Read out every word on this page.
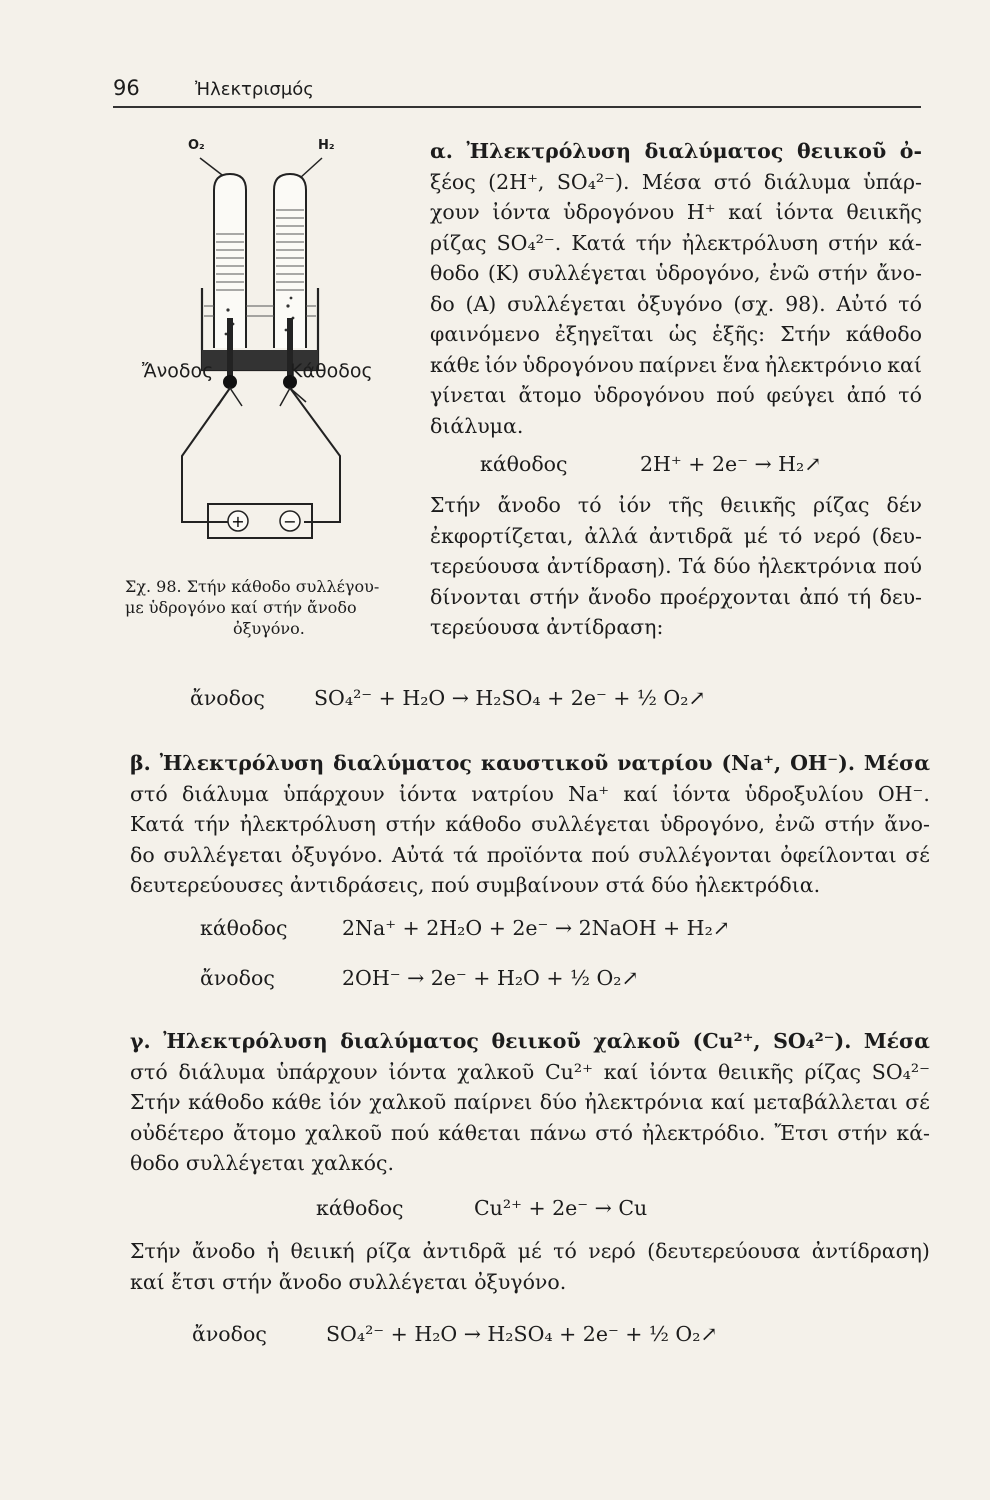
96	Ἠλεκτρισμός
+ −
O₂	H₂
Ἄνοδος	Κάθοδος
Σχ. 98. Στήν κάθοδο συλλέγου-
με ὑδρογόνο καί στήν ἄνοδο
ὀξυγόνο.
α. Ἠλεκτρόλυση διαλύματος θειικοῦ ὀ-
ξέος (2H⁺, SO₄²⁻). Μέσα στό διάλυμα ὑπάρ-
χουν ἰόντα ὑδρογόνου H⁺ καί ἰόντα θειικῆς
ρίζας SO₄²⁻. Κατά τήν ἠλεκτρόλυση στήν κά-
θοδο (Κ) συλλέγεται ὑδρογόνο, ἐνῶ στήν ἄνο-
δο (Α) συλλέγεται ὀξυγόνο (σχ. 98). Αὐτό τό
φαινόμενο ἐξηγεῖται ὡς ἑξῆς: Στήν κάθοδο
κάθε ἰόν ὑδρογόνου παίρνει ἕνα ἠλεκτρόνιο καί
γίνεται ἄτομο ὑδρογόνου πού φεύγει ἀπό τό
διάλυμα.
κάθοδος	2H⁺ + 2e⁻ → H₂↗
Στήν ἄνοδο τό ἰόν τῆς θειικῆς ρίζας δέν
ἐκφορτίζεται, ἀλλά ἀντιδρᾶ μέ τό νερό (δευ-
τερεύουσα ἀντίδραση). Τά δύο ἠλεκτρόνια πού
δίνονται στήν ἄνοδο προέρχονται ἀπό τή δευ-
τερεύουσα ἀντίδραση:
ἄνοδος SO₄²⁻ + H₂O → H₂SO₄ + 2e⁻ + ½ O₂↗
β. Ἠλεκτρόλυση διαλύματος καυστικοῦ νατρίου (Na⁺, OH⁻). Μέσα
στό διάλυμα ὑπάρχουν ἰόντα νατρίου Na⁺ καί ἰόντα ὑδροξυλίου OH⁻.
Κατά τήν ἠλεκτρόλυση στήν κάθοδο συλλέγεται ὑδρογόνο, ἐνῶ στήν ἄνο-
δο συλλέγεται ὀξυγόνο. Αὐτά τά προϊόντα πού συλλέγονται ὀφείλονται σέ
δευτερεύουσες ἀντιδράσεις, πού συμβαίνουν στά δύο ἠλεκτρόδια.
κάθοδος	2Na⁺ + 2H₂O + 2e⁻ → 2NaOH + H₂↗
ἄνοδος	2OH⁻ → 2e⁻ + H₂O + ½ O₂↗
γ. Ἠλεκτρόλυση διαλύματος θειικοῦ χαλκοῦ (Cu²⁺, SO₄²⁻). Μέσα
στό διάλυμα ὑπάρχουν ἰόντα χαλκοῦ Cu²⁺ καί ἰόντα θειικῆς ρίζας SO₄²⁻
Στήν κάθοδο κάθε ἰόν χαλκοῦ παίρνει δύο ἠλεκτρόνια καί μεταβάλλεται σέ
οὐδέτερο ἄτομο χαλκοῦ πού κάθεται πάνω στό ἠλεκτρόδιο. Ἔτσι στήν κά-
θοδο συλλέγεται χαλκός.
κάθοδος	Cu²⁺ + 2e⁻ → Cu
Στήν ἄνοδο ἡ θειική ρίζα ἀντιδρᾶ μέ τό νερό (δευτερεύουσα ἀντίδραση)
καί ἔτσι στήν ἄνοδο συλλέγεται ὀξυγόνο.
ἄνοδος	SO₄²⁻ + H₂O → H₂SO₄ + 2e⁻ + ½ O₂↗
